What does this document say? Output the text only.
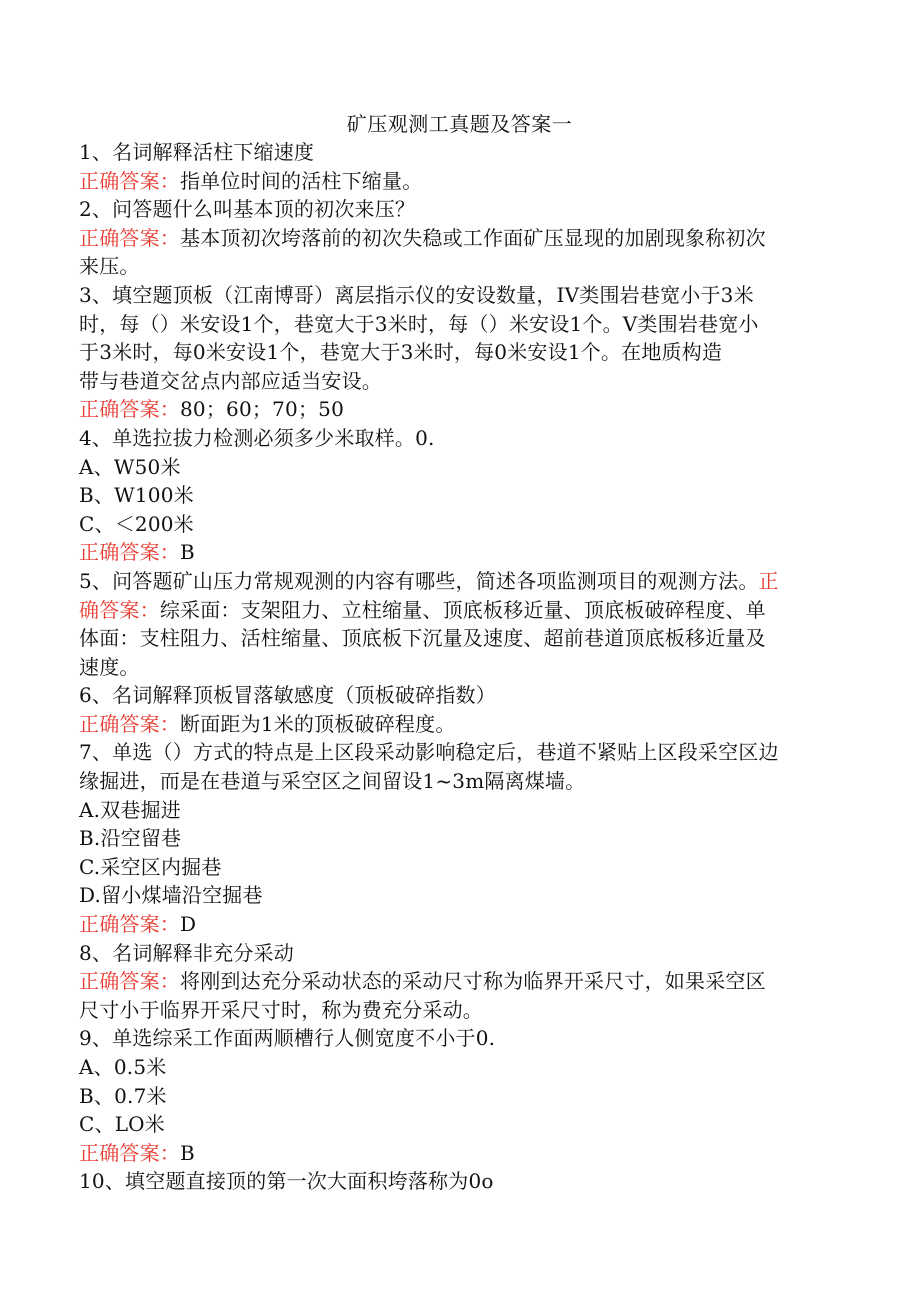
矿压观测工真题及答案一
1、名词解释活柱下缩速度
正确答案：指单位时间的活柱下缩量。
2、问答题什么叫基本顶的初次来压？
正确答案：基本顶初次垮落前的初次失稳或工作面矿压显现的加剧现象称初次
来压。
3、填空题顶板（江南博哥）离层指示仪的安设数量，IV类围岩巷宽小于3米
时，每（）米安设1个，巷宽大于3米时，每（）米安设1个。V类围岩巷宽小
于3米时，每0米安设1个，巷宽大于3米时，每0米安设1个。在地质构造
带与巷道交岔点内部应适当安设。
正确答案：80；60；70；50
4、单选拉拔力检测必须多少米取样。0.
A、W50米
B、W100米
C、＜200米
正确答案：B
5、问答题矿山压力常规观测的内容有哪些，简述各项监测项目的观测方法。正
确答案：综采面：支架阻力、立柱缩量、顶底板移近量、顶底板破碎程度、单
体面：支柱阻力、活柱缩量、顶底板下沉量及速度、超前巷道顶底板移近量及
速度。
6、名词解释顶板冒落敏感度（顶板破碎指数）
正确答案：断面距为1米的顶板破碎程度。
7、单选（）方式的特点是上区段采动影响稳定后，巷道不紧贴上区段采空区边
缘掘进，而是在巷道与采空区之间留设1~3m隔离煤墙。
A.双巷掘进
B.沿空留巷
C.采空区内掘巷
D.留小煤墙沿空掘巷
正确答案：D
8、名词解释非充分采动
正确答案：将刚到达充分采动状态的采动尺寸称为临界开采尺寸，如果采空区
尺寸小于临界开采尺寸时，称为费充分采动。
9、单选综采工作面两顺槽行人侧宽度不小于0.
A、0.5米
B、0.7米
C、LO米
正确答案：B
10、填空题直接顶的第一次大面积垮落称为0o
